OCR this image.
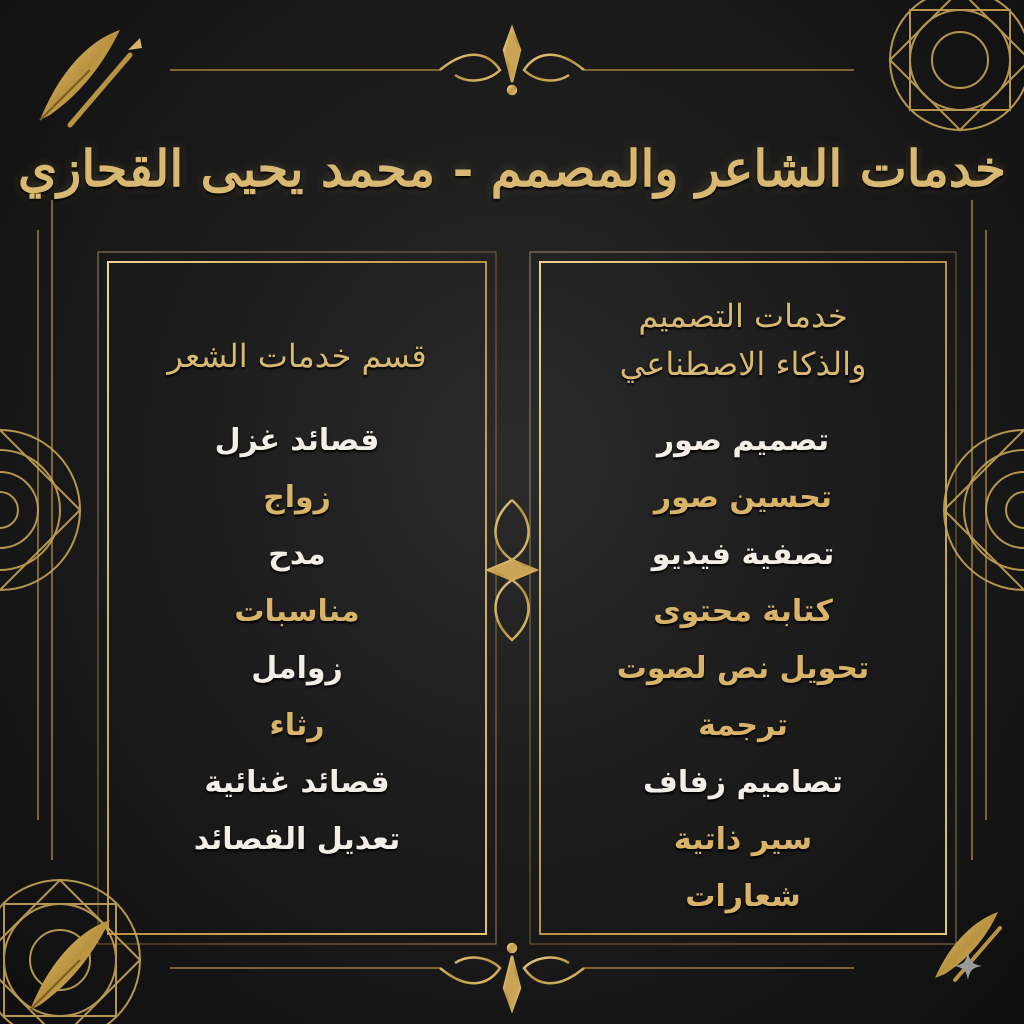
خدمات الشاعر والمصمم - محمد يحيى القحازي
خدمات التصميم
والذكاء الاصطناعي
تصميم صور
تحسين صور
تصفية فيديو
كتابة محتوى
تحويل نص لصوت
ترجمة
تصاميم زفاف
سير ذاتية
شعارات
قسم خدمات الشعر
قصائد غزل
زواج
مدح
مناسبات
زوامل
رثاء
قصائد غنائية
تعديل القصائد
